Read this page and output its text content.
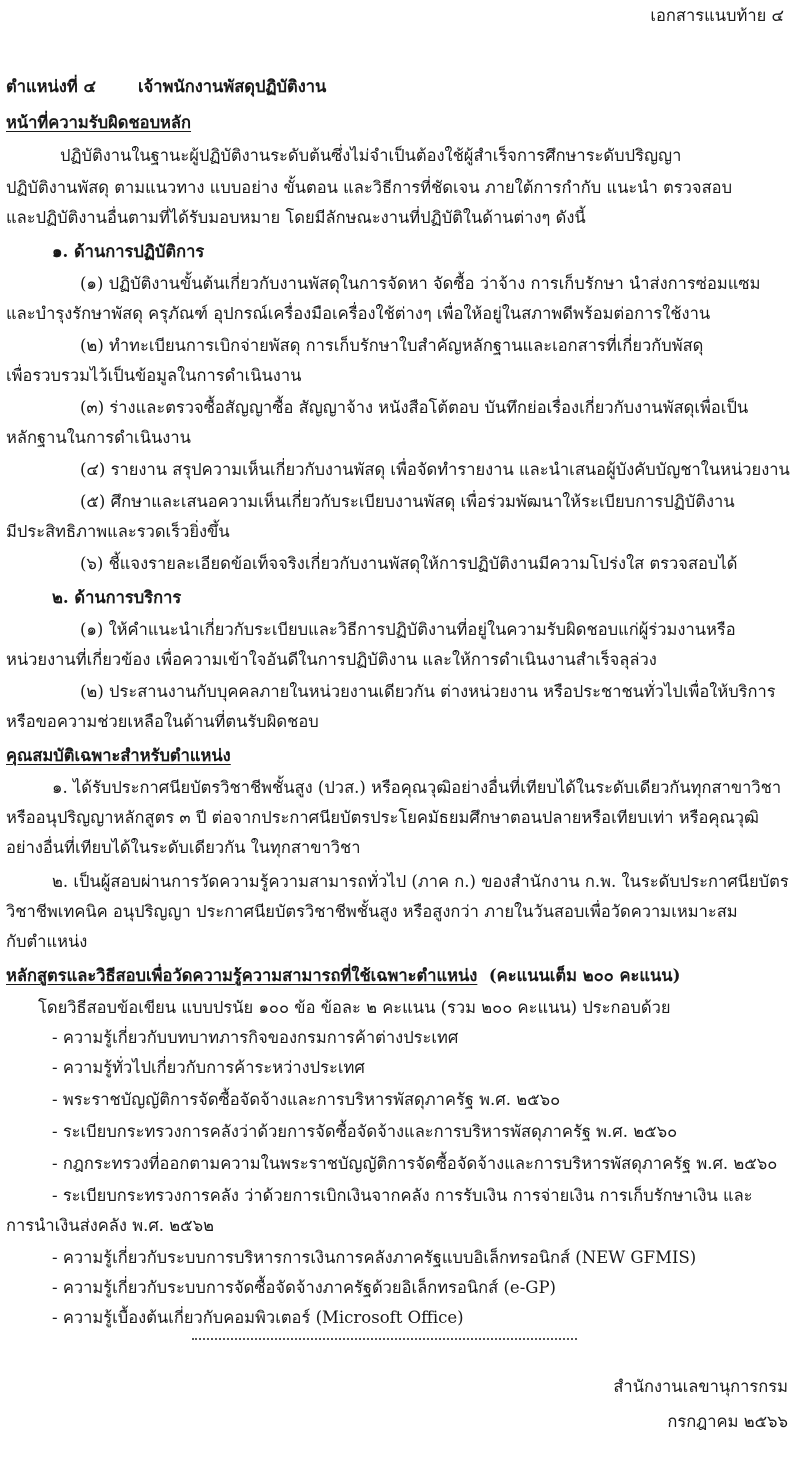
เอกสารแนบท้าย ๔
ตำแหน่งที่ ๔	เจ้าพนักงานพัสดุปฏิบัติงาน
หน้าที่ความรับผิดชอบหลัก
ปฏิบัติงานในฐานะผู้ปฏิบัติงานระดับต้นซึ่งไม่จำเป็นต้องใช้ผู้สำเร็จการศึกษาระดับปริญญา
ปฏิบัติงานพัสดุ ตามแนวทาง แบบอย่าง ขั้นตอน และวิธีการที่ชัดเจน ภายใต้การกำกับ แนะนำ ตรวจสอบ
และปฏิบัติงานอื่นตามที่ได้รับมอบหมาย โดยมีลักษณะงานที่ปฏิบัติในด้านต่างๆ ดังนี้
๑. ด้านการปฏิบัติการ
(๑) ปฏิบัติงานขั้นต้นเกี่ยวกับงานพัสดุในการจัดหา จัดซื้อ ว่าจ้าง การเก็บรักษา นำส่งการซ่อมแซม
และบำรุงรักษาพัสดุ ครุภัณฑ์ อุปกรณ์เครื่องมือเครื่องใช้ต่างๆ เพื่อให้อยู่ในสภาพดีพร้อมต่อการใช้งาน
(๒) ทำทะเบียนการเบิกจ่ายพัสดุ การเก็บรักษาใบสำคัญหลักฐานและเอกสารที่เกี่ยวกับพัสดุ
เพื่อรวบรวมไว้เป็นข้อมูลในการดำเนินงาน
(๓) ร่างและตรวจซื้อสัญญาซื้อ สัญญาจ้าง หนังสือโต้ตอบ บันทึกย่อเรื่องเกี่ยวกับงานพัสดุเพื่อเป็น
หลักฐานในการดำเนินงาน
(๔) รายงาน สรุปความเห็นเกี่ยวกับงานพัสดุ เพื่อจัดทำรายงาน และนำเสนอผู้บังคับบัญชาในหน่วยงาน
(๕) ศึกษาและเสนอความเห็นเกี่ยวกับระเบียบงานพัสดุ เพื่อร่วมพัฒนาให้ระเบียบการปฏิบัติงาน
มีประสิทธิภาพและรวดเร็วยิ่งขึ้น
(๖) ชี้แจงรายละเอียดข้อเท็จจริงเกี่ยวกับงานพัสดุให้การปฏิบัติงานมีความโปร่งใส ตรวจสอบได้
๒. ด้านการบริการ
(๑) ให้คำแนะนำเกี่ยวกับระเบียบและวิธีการปฏิบัติงานที่อยู่ในความรับผิดชอบแก่ผู้ร่วมงานหรือ
หน่วยงานที่เกี่ยวข้อง เพื่อความเข้าใจอันดีในการปฏิบัติงาน และให้การดำเนินงานสำเร็จลุล่วง
(๒) ประสานงานกับบุคคลภายในหน่วยงานเดียวกัน ต่างหน่วยงาน หรือประชาชนทั่วไปเพื่อให้บริการ
หรือขอความช่วยเหลือในด้านที่ตนรับผิดชอบ
คุณสมบัติเฉพาะสำหรับตำแหน่ง
๑. ได้รับประกาศนียบัตรวิชาชีพชั้นสูง (ปวส.) หรือคุณวุฒิอย่างอื่นที่เทียบได้ในระดับเดียวกันทุกสาขาวิชา
หรืออนุปริญญาหลักสูตร ๓ ปี ต่อจากประกาศนียบัตรประโยคมัธยมศึกษาตอนปลายหรือเทียบเท่า หรือคุณวุฒิ
อย่างอื่นที่เทียบได้ในระดับเดียวกัน ในทุกสาขาวิชา
๒. เป็นผู้สอบผ่านการวัดความรู้ความสามารถทั่วไป (ภาค ก.) ของสำนักงาน ก.พ. ในระดับประกาศนียบัตร
วิชาชีพเทคนิค อนุปริญญา ประกาศนียบัตรวิชาชีพชั้นสูง หรือสูงกว่า ภายในวันสอบเพื่อวัดความเหมาะสม
กับตำแหน่ง
หลักสูตรและวิธีสอบเพื่อวัดความรู้ความสามารถที่ใช้เฉพาะตำแหน่ง (คะแนนเต็ม ๒๐๐ คะแนน)
โดยวิธีสอบข้อเขียน แบบปรนัย ๑๐๐ ข้อ ข้อละ ๒ คะแนน (รวม ๒๐๐ คะแนน) ประกอบด้วย
- ความรู้เกี่ยวกับบทบาทภารกิจของกรมการค้าต่างประเทศ
- ความรู้ทั่วไปเกี่ยวกับการค้าระหว่างประเทศ
- พระราชบัญญัติการจัดซื้อจัดจ้างและการบริหารพัสดุภาครัฐ พ.ศ. ๒๕๖๐
- ระเบียบกระทรวงการคลังว่าด้วยการจัดซื้อจัดจ้างและการบริหารพัสดุภาครัฐ พ.ศ. ๒๕๖๐
- กฎกระทรวงที่ออกตามความในพระราชบัญญัติการจัดซื้อจัดจ้างและการบริหารพัสดุภาครัฐ พ.ศ. ๒๕๖๐
- ระเบียบกระทรวงการคลัง ว่าด้วยการเบิกเงินจากคลัง การรับเงิน การจ่ายเงิน การเก็บรักษาเงิน และ
การนำเงินส่งคลัง พ.ศ. ๒๕๖๒
- ความรู้เกี่ยวกับระบบการบริหารการเงินการคลังภาครัฐแบบอิเล็กทรอนิกส์ (NEW GFMIS)
- ความรู้เกี่ยวกับระบบการจัดซื้อจัดจ้างภาครัฐด้วยอิเล็กทรอนิกส์ (e-GP)
- ความรู้เบื้องต้นเกี่ยวกับคอมพิวเตอร์ (Microsoft Office)
สำนักงานเลขานุการกรม
กรกฎาคม ๒๕๖๖
